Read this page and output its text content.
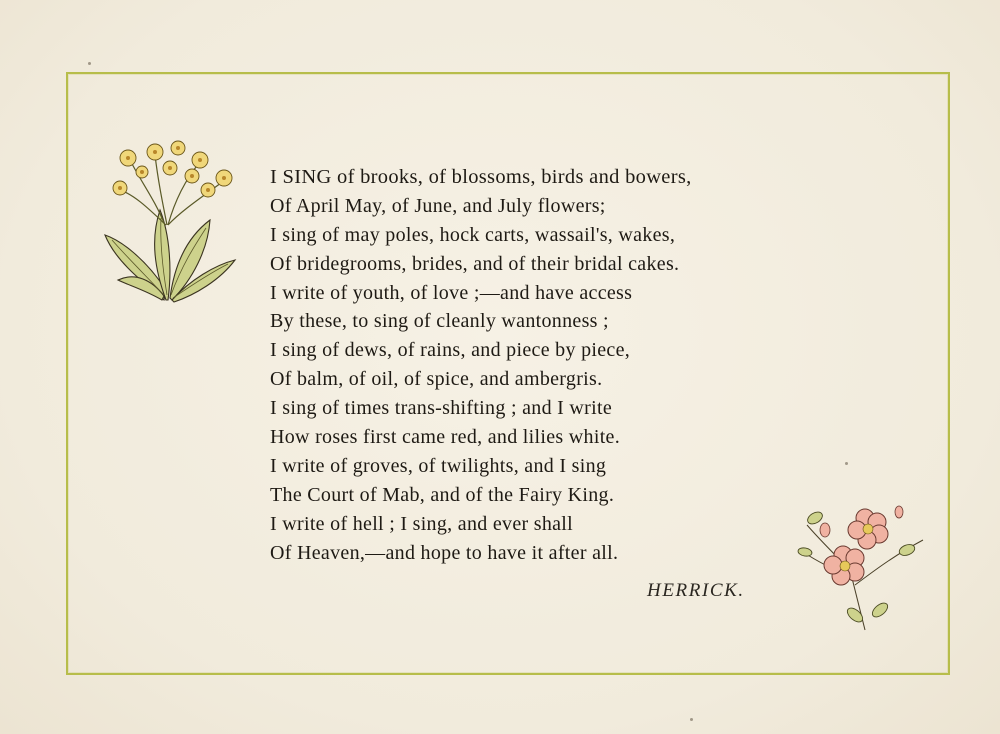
I SING of brooks, of blossoms, birds and bowers,
Of April May, of June, and July flowers;
I sing of may poles, hock carts, wassail's, wakes,
Of bridegrooms, brides, and of their bridal cakes.
I write of youth, of love ;—and have access
By these, to sing of cleanly wantonness ;
I sing of dews, of rains, and piece by piece,
Of balm, of oil, of spice, and ambergris.
I sing of times trans-shifting ; and I write
How roses first came red, and lilies white.
I write of groves, of twilights, and I sing
The Court of Mab, and of the Fairy King.
I write of hell ; I sing, and ever shall
Of Heaven,—and hope to have it after all.
HERRICK.
